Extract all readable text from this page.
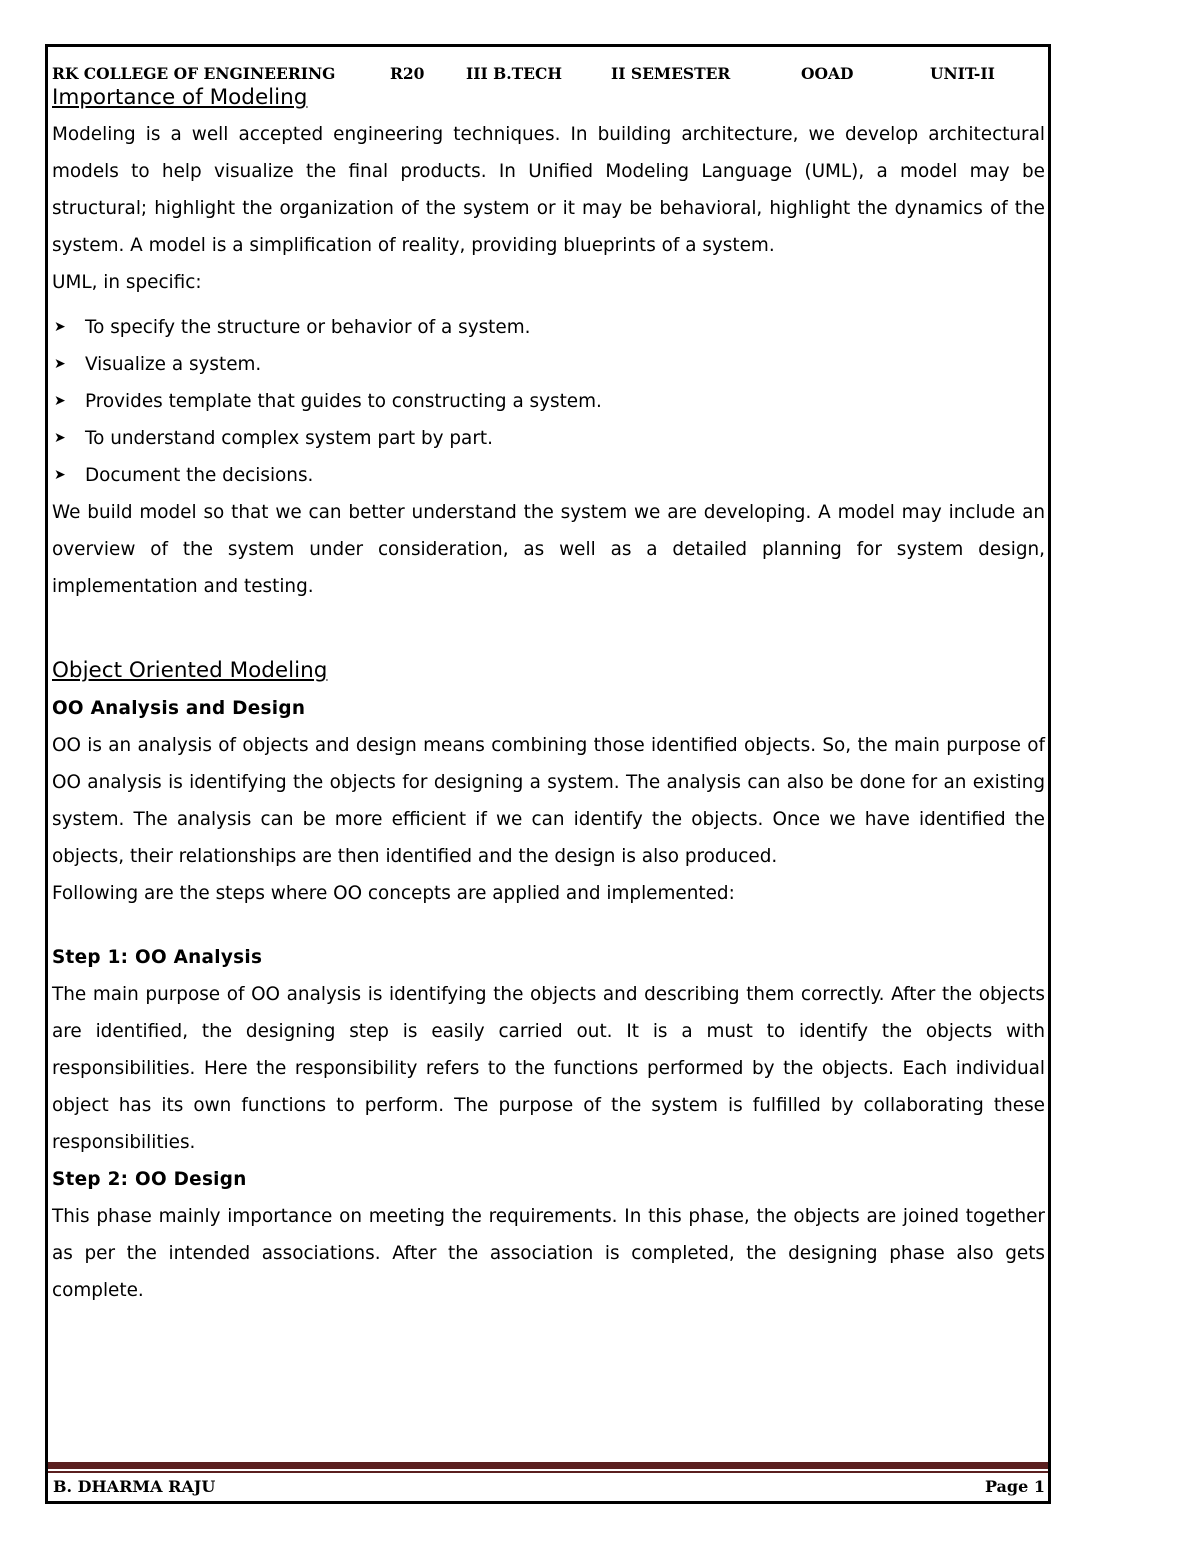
RK COLLEGE OF ENGINEERING	R20	III B.TECH	II SEMESTER	OOAD	UNIT-II
Importance of Modeling

Modeling is a well accepted engineering techniques. In building architecture, we develop architectural models to help visualize the final products. In Unified Modeling Language (UML), a model may be structural; highlight the organization of the system or it may be behavioral, highlight the dynamics of the system. A model is a simplification of reality, providing blueprints of a system.

UML, in specific:

➤ To specify the structure or behavior of a system.
➤ Visualize a system.
➤ Provides template that guides to constructing a system.
➤ To understand complex system part by part.
➤ Document the decisions.

We build model so that we can better understand the system we are developing. A model may include an overview of the system under consideration, as well as a detailed planning for system design, implementation and testing.

Object Oriented Modeling

OO Analysis and Design

OO is an analysis of objects and design means combining those identified objects. So, the main purpose of OO analysis is identifying the objects for designing a system. The analysis can also be done for an existing system. The analysis can be more efficient if we can identify the objects. Once we have identified the objects, their relationships are then identified and the design is also produced.

Following are the steps where OO concepts are applied and implemented:

Step 1: OO Analysis

The main purpose of OO analysis is identifying the objects and describing them correctly. After the objects are identified, the designing step is easily carried out. It is a must to identify the objects with responsibilities. Here the responsibility refers to the functions performed by the objects. Each individual object has its own functions to perform. The purpose of the system is fulfilled by collaborating these responsibilities.

Step 2: OO Design

This phase mainly importance on meeting the requirements. In this phase, the objects are joined together as per the intended associations. After the association is completed, the designing phase also gets complete.

B. DHARMA RAJU	Page 1
